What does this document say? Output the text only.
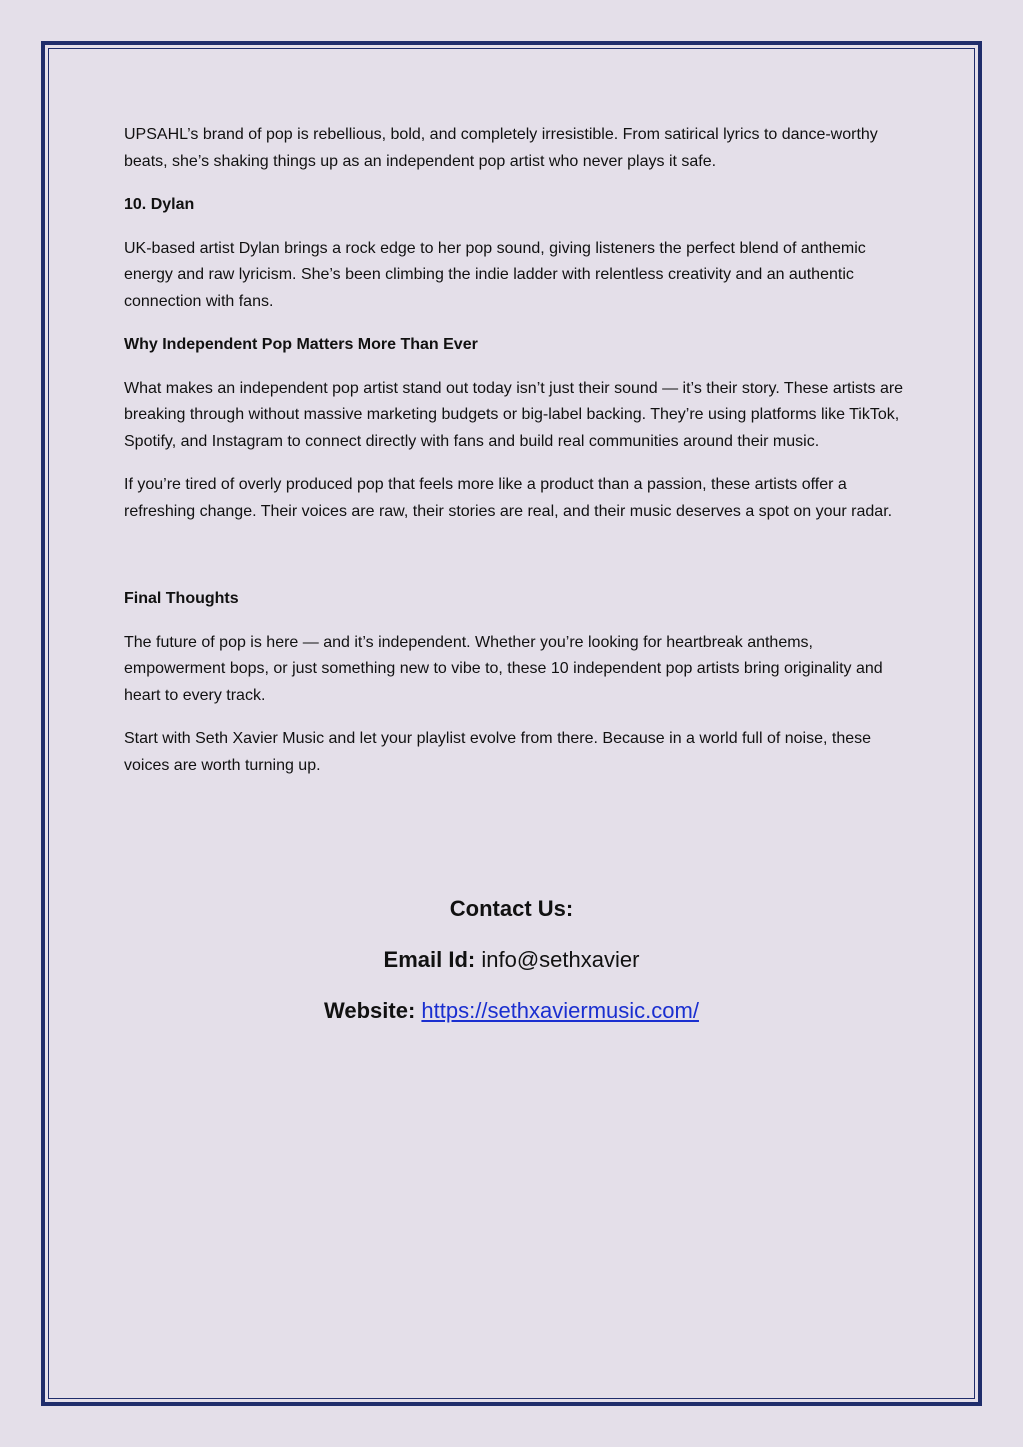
UPSAHL’s brand of pop is rebellious, bold, and completely irresistible. From satirical lyrics to dance-worthy beats, she’s shaking things up as an independent pop artist who never plays it safe.

10. Dylan

UK-based artist Dylan brings a rock edge to her pop sound, giving listeners the perfect blend of anthemic energy and raw lyricism. She’s been climbing the indie ladder with relentless creativity and an authentic connection with fans.

Why Independent Pop Matters More Than Ever

What makes an independent pop artist stand out today isn’t just their sound — it’s their story. These artists are breaking through without massive marketing budgets or big-label backing. They’re using platforms like TikTok, Spotify, and Instagram to connect directly with fans and build real communities around their music.

If you’re tired of overly produced pop that feels more like a product than a passion, these artists offer a refreshing change. Their voices are raw, their stories are real, and their music deserves a spot on your radar.

Final Thoughts

The future of pop is here — and it’s independent. Whether you’re looking for heartbreak anthems, empowerment bops, or just something new to vibe to, these 10 independent pop artists bring originality and heart to every track.

Start with Seth Xavier Music and let your playlist evolve from there. Because in a world full of noise, these voices are worth turning up.

Contact Us:
Email Id: info@sethxavier
Website: https://sethxaviermusic.com/
